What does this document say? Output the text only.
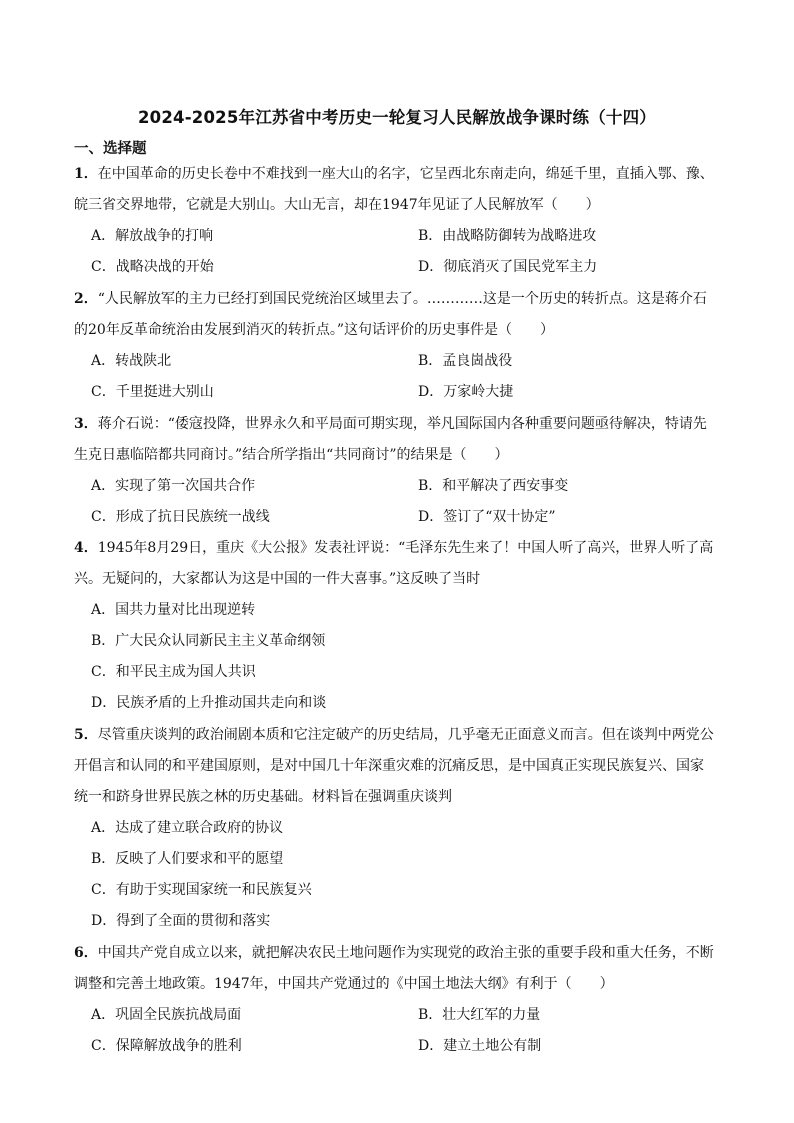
2024-2025年江苏省中考历史一轮复习人民解放战争课时练（十四）
一、选择题
1．在中国革命的历史长卷中不难找到一座大山的名字，它呈西北东南走向，绵延千里，直插入鄂、豫、
皖三省交界地带，它就是大别山。大山无言，却在1947年见证了人民解放军（　　）
A．解放战争的打响	B．由战略防御转为战略进攻
C．战略决战的开始	D．彻底消灭了国民党军主力
2．“人民解放军的主力已经打到国民党统治区域里去了。…………这是一个历史的转折点。这是蒋介石
的20年反革命统治由发展到消灭的转折点。”这句话评价的历史事件是（　　）
A．转战陕北	B．孟良崮战役
C．千里挺进大别山	D．万家岭大捷
3．蒋介石说：“倭寇投降，世界永久和平局面可期实现，举凡国际国内各种重要问题亟待解决，特请先
生克日惠临陪都共同商讨。”结合所学指出“共同商讨”的结果是（　　）
A．实现了第一次国共合作	B．和平解决了西安事变
C．形成了抗日民族统一战线	D．签订了“双十协定”
4．1945年8月29日，重庆《大公报》发表社评说：“毛泽东先生来了！中国人听了高兴，世界人听了高
兴。无疑问的，大家都认为这是中国的一件大喜事。”这反映了当时
A．国共力量对比出现逆转
B．广大民众认同新民主主义革命纲领
C．和平民主成为国人共识
D．民族矛盾的上升推动国共走向和谈
5．尽管重庆谈判的政治闹剧本质和它注定破产的历史结局，几乎毫无正面意义而言。但在谈判中两党公
开倡言和认同的和平建国原则，是对中国几十年深重灾难的沉痛反思，是中国真正实现民族复兴、国家
统一和跻身世界民族之林的历史基础。材料旨在强调重庆谈判
A．达成了建立联合政府的协议
B．反映了人们要求和平的愿望
C．有助于实现国家统一和民族复兴
D．得到了全面的贯彻和落实
6．中国共产党自成立以来，就把解决农民土地问题作为实现党的政治主张的重要手段和重大任务，不断
调整和完善土地政策。1947年，中国共产党通过的《中国土地法大纲》有利于（　　）
A．巩固全民族抗战局面	B．壮大红军的力量
C．保障解放战争的胜利	D．建立土地公有制
